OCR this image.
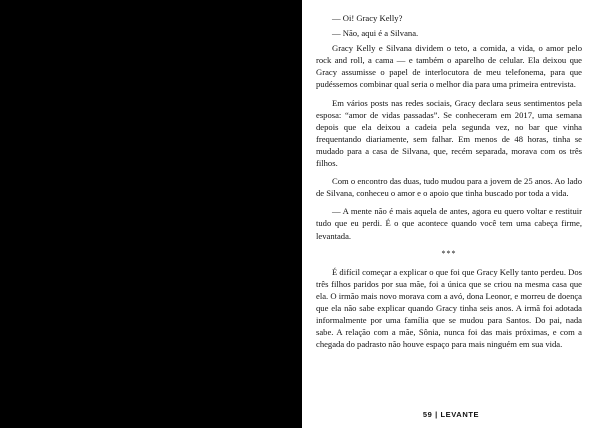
— Oi! Gracy Kelly?

— Não, aqui é a Silvana.

Gracy Kelly e Silvana dividem o teto, a comida, a vida, o amor pelo rock and roll, a cama — e também o aparelho de celular. Ela deixou que Gracy assumisse o papel de interlocutora de meu telefonema, para que pudéssemos combinar qual seria o melhor dia para uma primeira entrevista.

Em vários posts nas redes sociais, Gracy declara seus sentimentos pela esposa: “amor de vidas passadas”. Se conheceram em 2017, uma semana depois que ela deixou a cadeia pela segunda vez, no bar que vinha frequentando diariamente, sem falhar. Em menos de 48 horas, tinha se mudado para a casa de Silvana, que, recém separada, morava com os três filhos.

Com o encontro das duas, tudo mudou para a jovem de 25 anos. Ao lado de Silvana, conheceu o amor e o apoio que tinha buscado por toda a vida.

— A mente não é mais aquela de antes, agora eu quero voltar e restituir tudo que eu perdi. É o que acontece quando você tem uma cabeça firme, levantada.

***

É difícil começar a explicar o que foi que Gracy Kelly tanto perdeu. Dos três filhos paridos por sua mãe, foi a única que se criou na mesma casa que ela. O irmão mais novo morava com a avó, dona Leonor, e morreu de doença que ela não sabe explicar quando Gracy tinha seis anos. A irmã foi adotada informalmente por uma família que se mudou para Santos. Do pai, nada sabe. A relação com a mãe, Sônia, nunca foi das mais próximas, e com a chegada do padrasto não houve espaço para mais ninguém em sua vida.

59 | LEVANTE
